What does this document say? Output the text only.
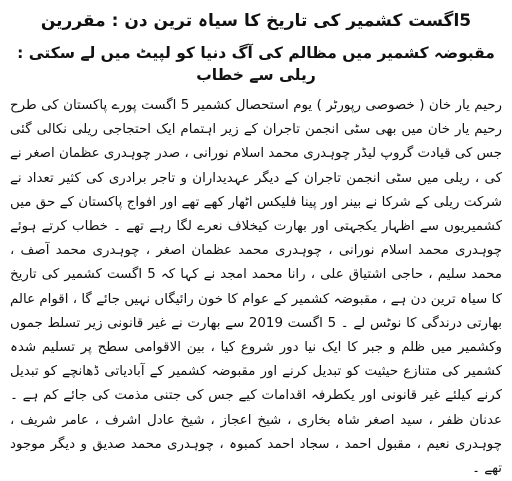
5اگست کشمیر کی تاریخ کا سیاہ ترین دن : مقررین
مقبوضہ کشمیر میں مظالم کی آگ دنیا کو لپیٹ میں لے سکتی : ریلی سے خطاب

رحیم یار خان ( خصوصی رپورٹر ) یوم استحصال کشمیر 5 اگست پورے پاکستان کی طرح رحیم یار خان میں بھی سٹی انجمن تاجران کے زیر اہتمام ایک احتجاجی ریلی نکالی گئی جس کی قیادت گروپ لیڈر چوہدری محمد اسلام نورانی ، صدر چوہدری عظمان اصغر نے کی ، ریلی میں سٹی انجمن تاجران کے دیگر عہدیداران و تاجر برادری کی کثیر تعداد نے شرکت ریلی کے شرکا نے بینر اور پینا فلیکس اٹھار کھے تھے اور افواج پاکستان کے حق میں کشمیریوں سے اظہار یکجہتی اور بھارت کیخلاف نعرے لگا رہے تھے ۔ خطاب کرتے ہوئے چوہدری محمد اسلام نورانی ، چوہدری محمد عظمان اصغر ، چوہدری محمد آصف ، محمد سلیم ، حاجی اشتیاق علی ، رانا محمد امجد نے کہا کہ 5 اگست کشمیر کی تاریخ کا سیاہ ترین دن ہے ، مقبوضہ کشمیر کے عوام کا خون رائیگاں نہیں جائے گا ، اقوام عالم بھارتی درندگی کا نوٹس لے ۔ 5 اگست 2019 سے بھارت نے غیر قانونی زیر تسلط جموں وکشمیر میں ظلم و جبر کا ایک نیا دور شروع کیا ، بین الاقوامی سطح پر تسلیم شدہ کشمیر کی متنازع حیثیت کو تبدیل کرنے اور مقبوضہ کشمیر کے آبادیاتی ڈھانچے کو تبدیل کرنے کیلئے غیر قانونی اور یکطرفہ اقدامات کیے جس کی جتنی مذمت کی جائے کم ہے ۔ عدنان ظفر ، سید اصغر شاہ بخاری ، شیخ اعجاز ، شیخ عادل اشرف ، عامر شریف ، چوہدری نعیم ، مقبول احمد ، سجاد احمد کمبوہ ، چوہدری محمد صدیق و دیگر موجود تھے ۔
